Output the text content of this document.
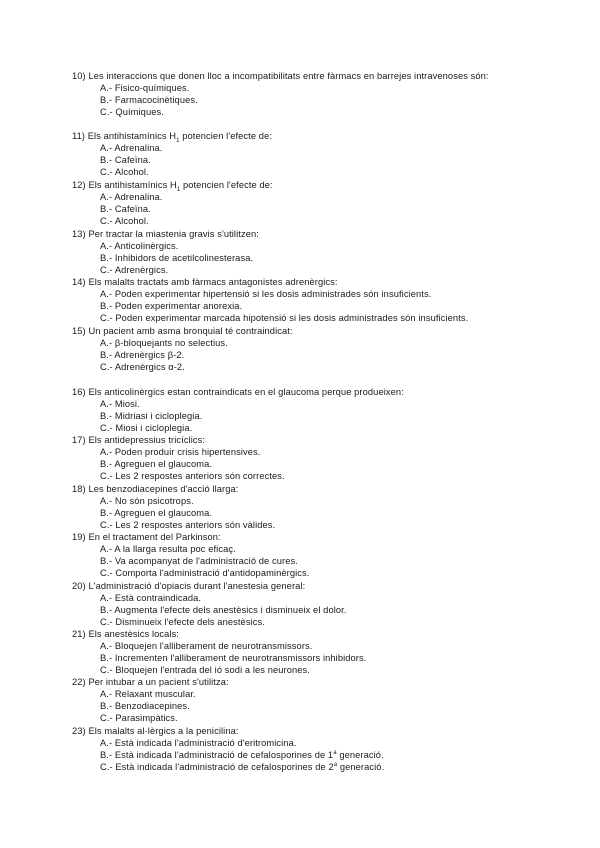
10) Les interaccions que donen lloc a incompatibilitats entre fàrmacs en barrejes intravenoses són:
A.- Fisico-químiques.
B.- Farmacocinètiques.
C.- Químiques.
11) Els antihistamínics $H_1$ potencien l'efecte de:
A.- Adrenalina.
B.- Cafeïna.
C.- Alcohol.
12) Els antihistamínics $H_1$ potencien l'efecte de:
A.- Adrenalina.
B.- Cafeïna.
C.- Alcohol.
13) Per tractar la miastenia gravis s'utilitzen:
A.- Anticolinèrgics.
B.- Inhibidors de acetilcolinesterasa.
C.- Adrenèrgics.
14) Els malalts tractats amb fàrmacs antagonistes adrenèrgics:
A.- Poden experimentar hipertensió si les dosis administrades són insuficients.
B.- Poden experimentar anorexia.
C.- Poden experimentar marcada hipotensió si les dosis administrades són insuficients.
15) Un pacient amb asma bronquial té contraindicat:
A.- β-bloquejants no selectius.
B.- Adrenèrgics β-2.
C.- Adrenèrgics α-2.
16) Els anticolinèrgics estan contraindicats en el glaucoma perque produeixen:
A.- Miosi.
B.- Midriasi i cicloplegia.
C.- Miosi i cicloplegia.
17) Els antidepressius tricíclics:
A.- Poden produir crisis hipertensives.
B.- Agreguen el glaucoma.
C.- Les 2 respostes anteriors són correctes.
18) Les benzodiacepines d'acció llarga:
A.- No són psicotrops.
B.- Agreguen el glaucoma.
C.- Les 2 respostes anteriors són vàlides.
19) En el tractament del Parkinson:
A.- A la llarga resulta poc eficaç.
B.- Va acompanyat de l'administració de cures.
C.- Comporta l'administració d'antidopaminèrgics.
20) L'administració d'opiacis durant l'anestesia general:
A.- Està contraindicada.
B.- Augmenta l'efecte dels anestèsics i disminueix el dolor.
C.- Disminueix l'efecte dels anestèsics.
21) Els anestèsics locals:
A.- Bloquejen l'alliberament de neurotransmissors.
B.- Incrementen l'alliberament de neurotransmissors inhibidors.
C.- Bloquejen l'entrada del ió sodi a les neurones.
22) Per intubar a un pacient s'utilitza:
A.- Relaxant muscular.
B.- Benzodiacepines.
C.- Parasimpàtics.
23) Els malalts al·lèrgics a la penicilina:
A.- Està indicada l'administració d'eritromicina.
B.- Està indicada l'administració de cefalosporines de 1$^a$ generació.
C.- Està indicada l'administració de cefalosporines de 2$^a$ generació.
